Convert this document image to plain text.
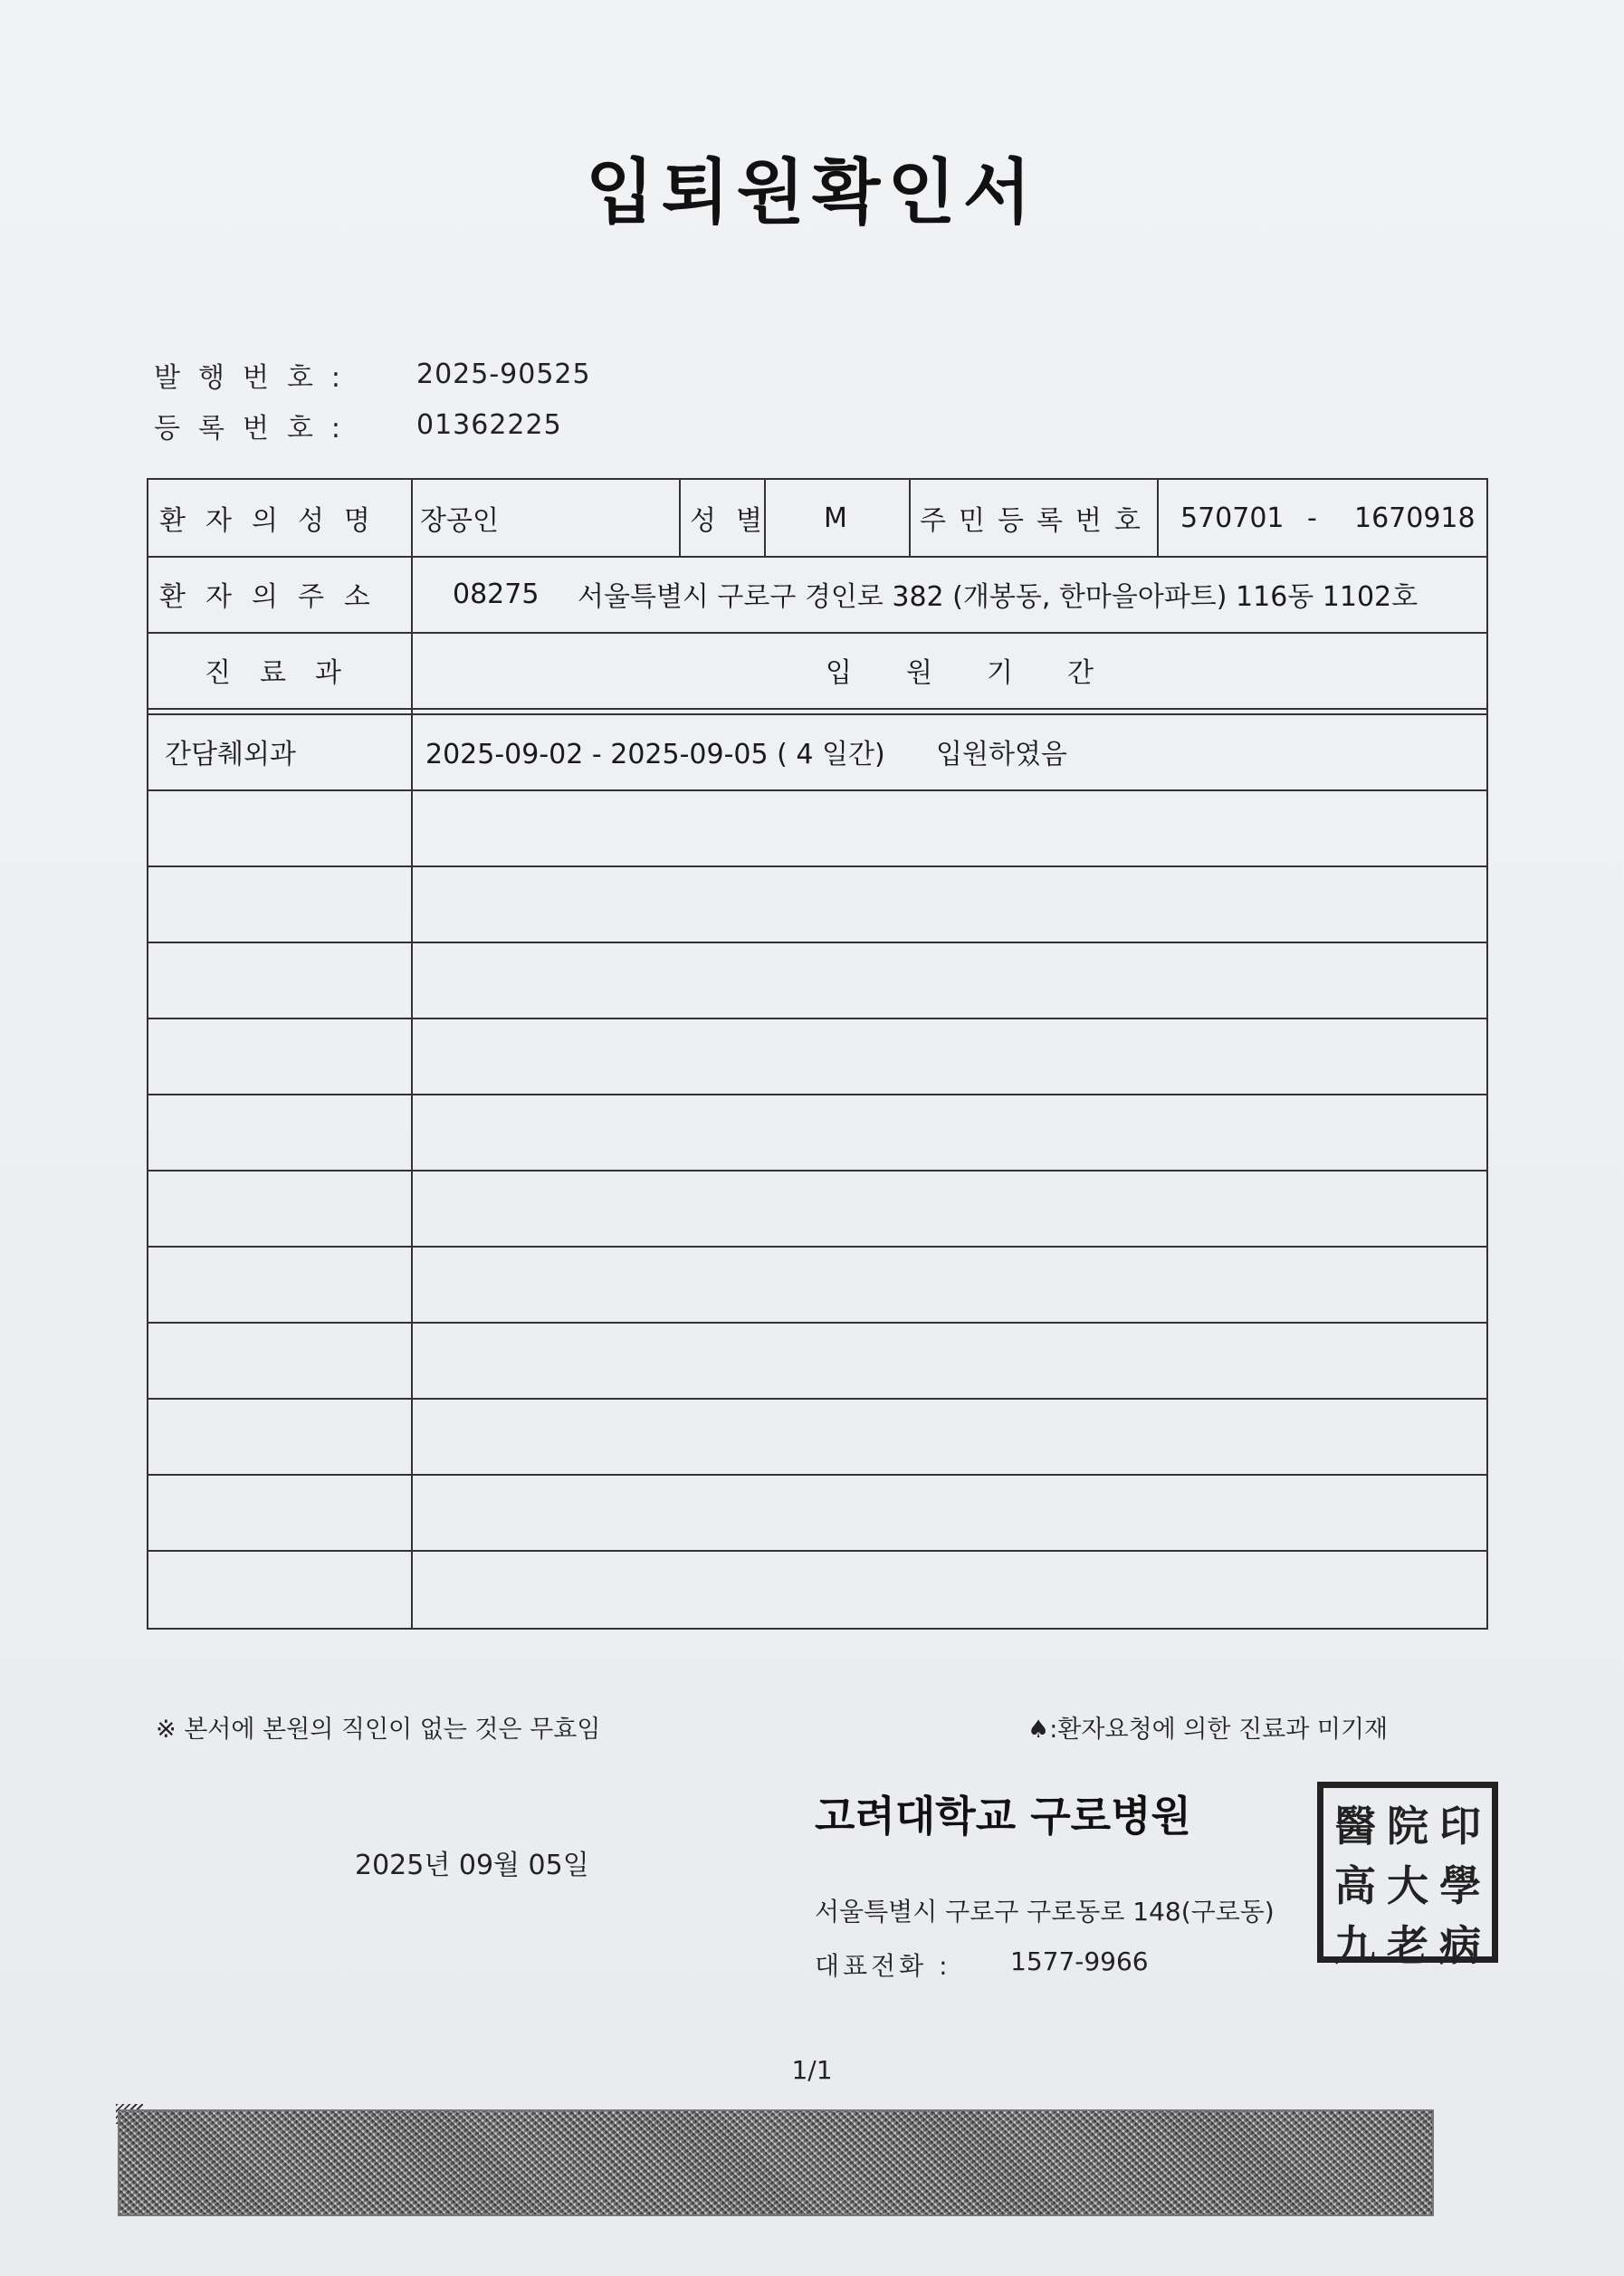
입퇴원확인서
발행번호: 2025-90525
등록번호: 01362225
환자의성명 장공인	성별 M	주민등록번호 570701 - 1670918
환자의주소 08275 서울특별시 구로구 경인로 382 (개봉동, 한마을아파트) 116동 1102호
진료과	입원기간
간담췌외과	2025-09-02 - 2025-09-05 ( 4 일간) 입원하였음
※ 본서에 본원의 직인이 없는 것은 무효임	♠:환자요청에 의한 진료과 미기재
고려대학교 구로병원
2025년 09월 05일
서울특별시 구로구 구로동로 148(구로동)
대표전화 : 1577-9966
醫 院 印
高 大 學
九 老 病
1/1
